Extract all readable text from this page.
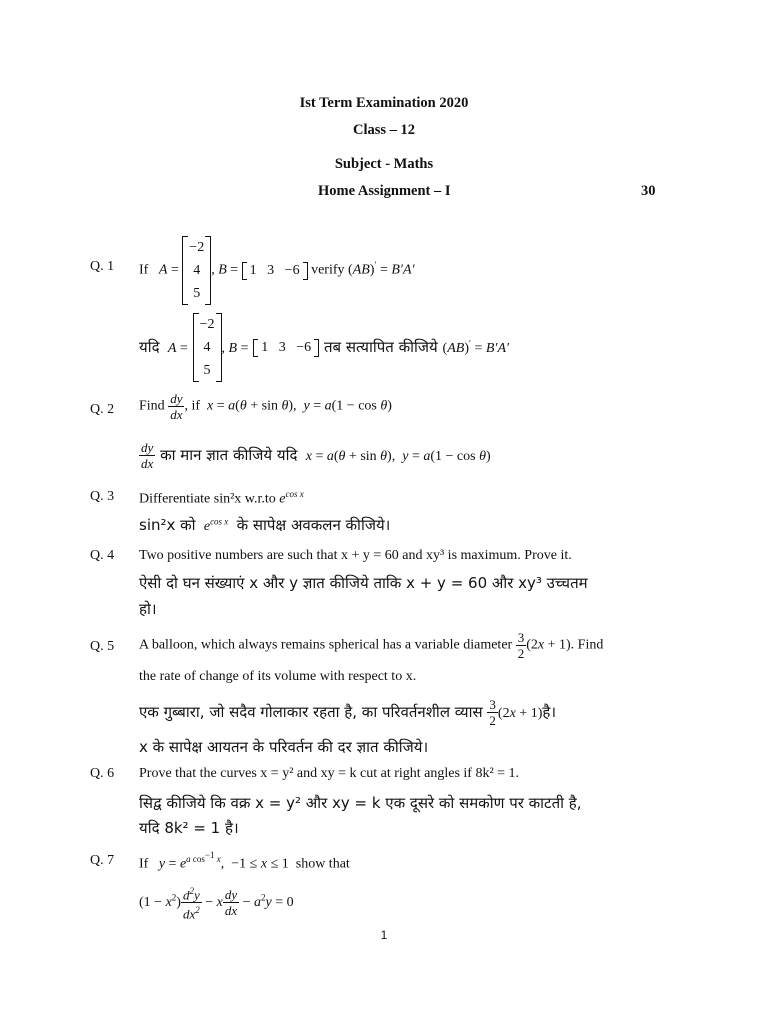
Ist Term Examination 2020
Class – 12
Subject - Maths
Home Assignment – I	30
Q. 1 If A =
−2
4
5
, B = 1 3 −6 verify (AB)′ = B′A′
यदि A =
−2
4
5
, B = 1 3 −6 तब सत्यापित कीजिये (AB)′ = B′A′
Q. 2 Find $\frac{dy}{dx}$ , if x = a(θ + sin θ),  y = a(1 − cos θ)
$\frac{dy}{dx}$ का मान ज्ञात कीजिये यदि x = a(θ + sin θ),  y = a(1 − cos θ)
Q. 3 Differentiate sin²x w.r.to $e^{cos x}$
sin²x को $e^{cos x}$ के सापेक्ष अवकलन कीजिये।
Q. 4 Two positive numbers are such that x + y = 60 and xy³ is maximum. Prove it.
ऐसी दो घन संख्याएं x और y ज्ञात कीजिये ताकि x + y = 60 और xy³ उच्चतम
हो।
Q. 5 A balloon, which always remains spherical has a variable diameter $\frac{3}{2} (2x + 1)$. Find
the rate of change of its volume with respect to x.
एक गुब्बारा, जो सदैव गोलाकार रहता है, का परिवर्तनशील व्यास $\frac{3}{2} (2x$ + 1)है।
x के सापेक्ष आयतन के परिवर्तन की दर ज्ञात कीजिये।
Q. 6 Prove that the curves x = y² and xy = k cut at right angles if 8k² = 1.
सिद्व कीजिये कि वक्र x = y² और xy = k एक दूसरे को समकोण पर काटती है,
यदि 8k² = 1 है।
Q. 7 If $y = e^{a cos^{-1} x}$,  −1 ≤ x ≤ 1  show that
$(1 - x^2) \frac{d^2y}{dx^2} - x \frac{dy}{dx} - a^2y = 0$
1
